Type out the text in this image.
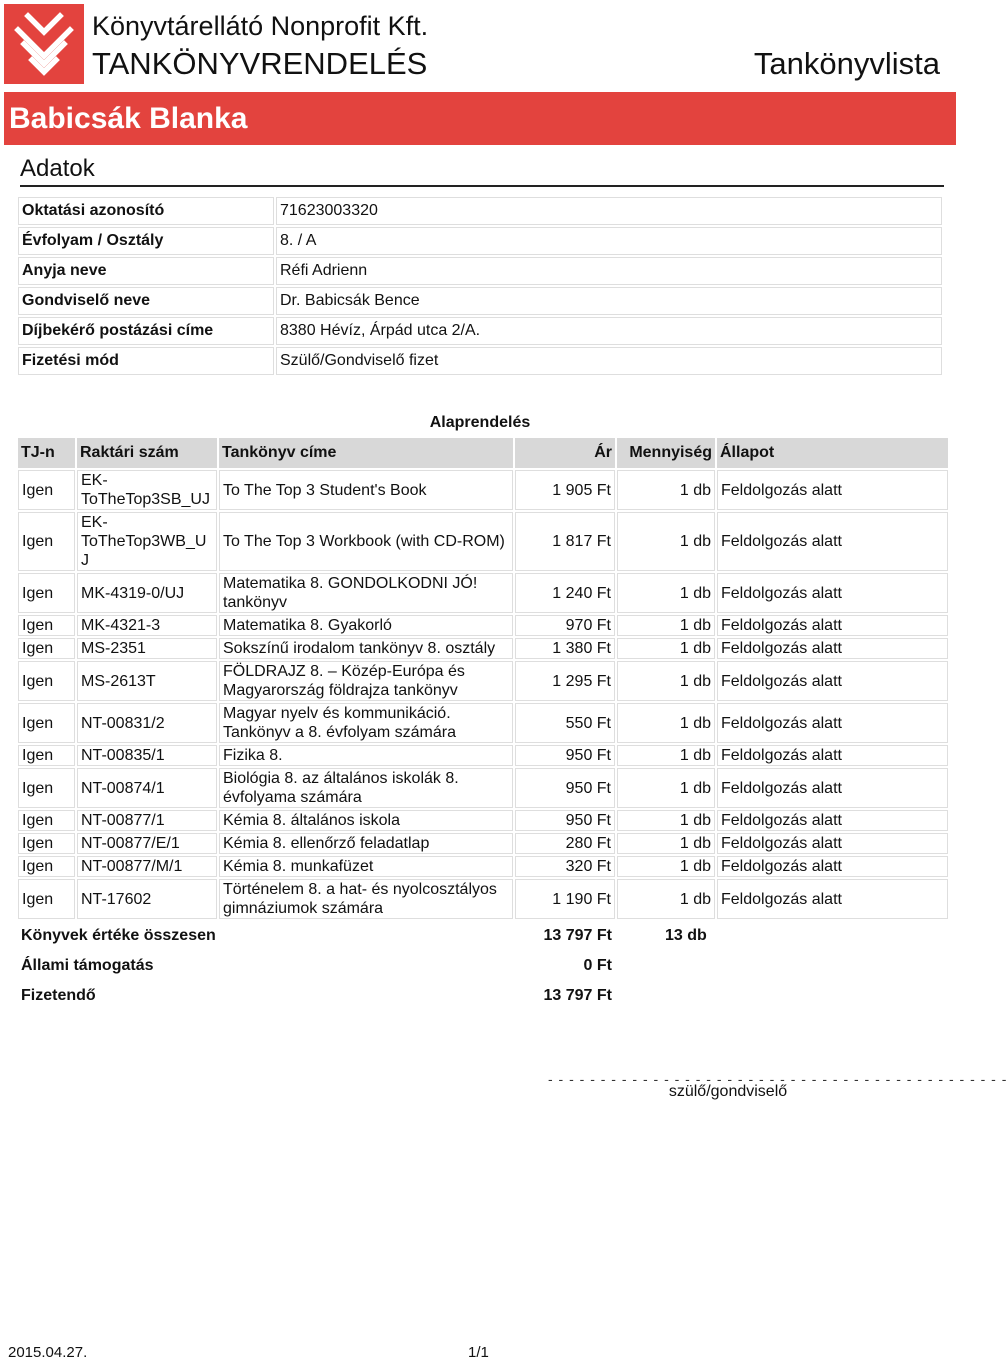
Könyvtárellátó Nonprofit Kft.
TANKÖNYVRENDELÉS	Tankönyvlista
Babicsák Blanka
Adatok
Oktatási azonosító	71623003320
Évfolyam / Osztály	8. / A
Anyja neve	Réfi Adrienn
Gondviselő neve	Dr. Babicsák Bence
Díjbekérő postázási címe	8380 Hévíz, Árpád utca 2/A.
Fizetési mód	Szülő/Gondviselő fizet
Alaprendelés
TJ-n	Raktári szám	Tankönyv címe	Ár	Mennyiség	Állapot
Igen	EK-ToTheTop3SB_UJ	To The Top 3 Student's Book	1 905 Ft	1 db	Feldolgozás alatt
Igen	EK-ToTheTop3WB_UJ	To The Top 3 Workbook (with CD-ROM)	1 817 Ft	1 db	Feldolgozás alatt
Igen	MK-4319-0/UJ	Matematika 8. GONDOLKODNI JÓ! tankönyv	1 240 Ft	1 db	Feldolgozás alatt
Igen	MK-4321-3	Matematika 8. Gyakorló	970 Ft	1 db	Feldolgozás alatt
Igen	MS-2351	Sokszínű irodalom tankönyv 8. osztály	1 380 Ft	1 db	Feldolgozás alatt
Igen	MS-2613T	FÖLDRAJZ 8. – Közép-Európa és Magyarország földrajza tankönyv	1 295 Ft	1 db	Feldolgozás alatt
Igen	NT-00831/2	Magyar nyelv és kommunikáció. Tankönyv a 8. évfolyam számára	550 Ft	1 db	Feldolgozás alatt
Igen	NT-00835/1	Fizika 8.	950 Ft	1 db	Feldolgozás alatt
Igen	NT-00874/1	Biológia 8. az általános iskolák 8. évfolyama számára	950 Ft	1 db	Feldolgozás alatt
Igen	NT-00877/1	Kémia 8. általános iskola	950 Ft	1 db	Feldolgozás alatt
Igen	NT-00877/E/1	Kémia 8. ellenőrző feladatlap	280 Ft	1 db	Feldolgozás alatt
Igen	NT-00877/M/1	Kémia 8. munkafüzet	320 Ft	1 db	Feldolgozás alatt
Igen	NT-17602	Történelem 8. a hat- és nyolcosztályos gimnáziumok számára	1 190 Ft	1 db	Feldolgozás alatt
Könyvek értéke összesen			13 797 Ft	13 db	
Állami támogatás			0 Ft		
Fizetendő			13 797 Ft		
- - - - - - - - - - - - - - - - - - - - - - - - - - - - - - - - - - - - - - - - - - - -
szülő/gondviselő
2015.04.27.	1/1
